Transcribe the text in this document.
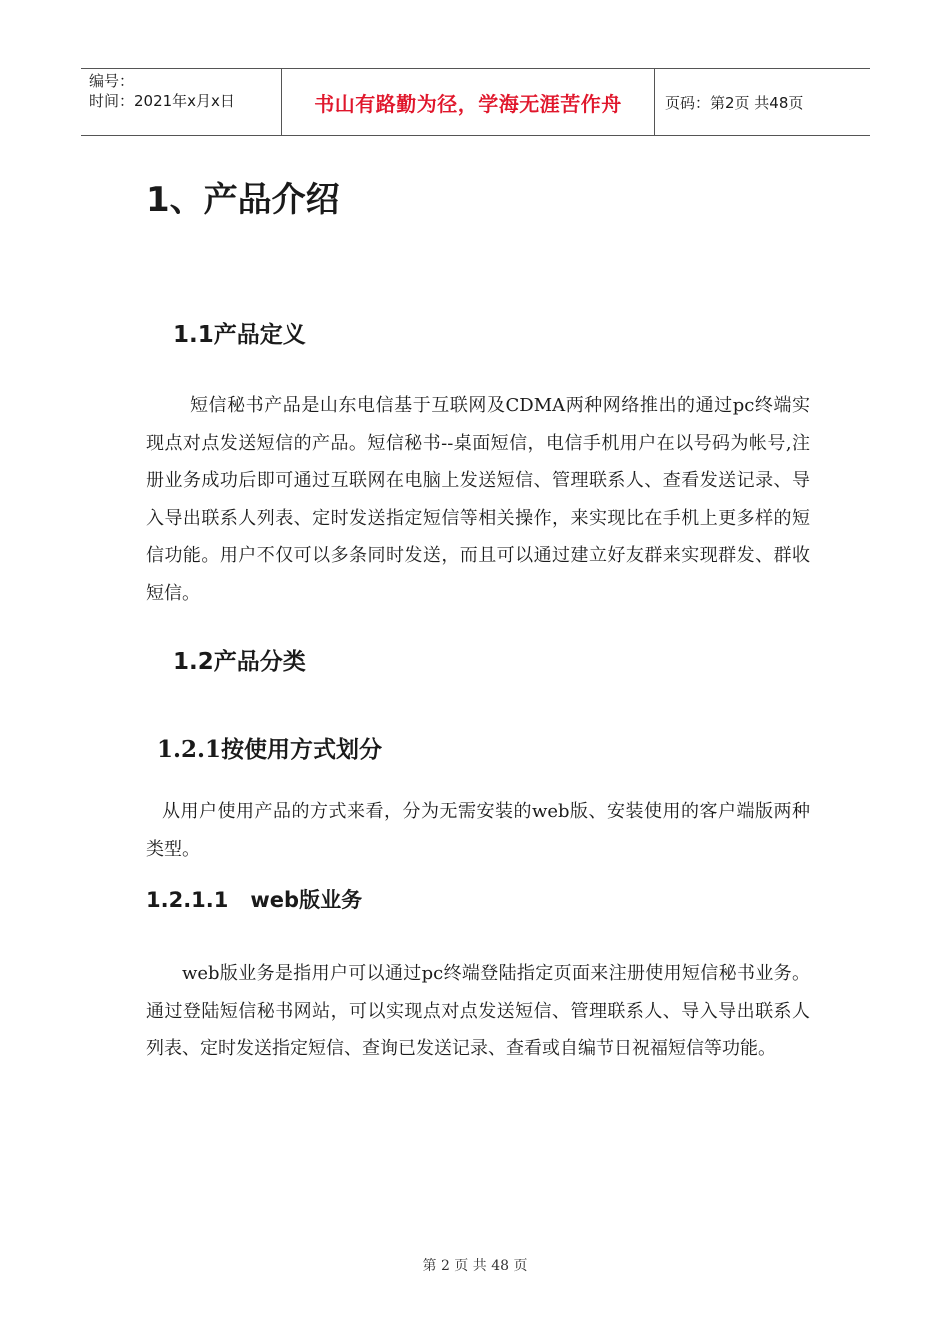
编号：
时间：2021年x月x日	书山有路勤为径，学海无涯苦作舟	页码：第2页 共48页
1、产品介绍
1.1产品定义
短信秘书产品是山东电信基于互联网及CDMA两种网络推出的通过pc终端实现点对点发送短信的产品。短信秘书--桌面短信，电信手机用户在以号码为帐号,注册业务成功后即可通过互联网在电脑上发送短信、管理联系人、查看发送记录、导入导出联系人列表、定时发送指定短信等相关操作，来实现比在手机上更多样的短信功能。用户不仅可以多条同时发送，而且可以通过建立好友群来实现群发、群收短信。
1.2产品分类
1.2.1按使用方式划分
从用户使用产品的方式来看，分为无需安装的web版、安装使用的客户端版两种类型。
1.2.1.1 web版业务
web版业务是指用户可以通过pc终端登陆指定页面来注册使用短信秘书业务。通过登陆短信秘书网站，可以实现点对点发送短信、管理联系人、导入导出联系人列表、定时发送指定短信、查询已发送记录、查看或自编节日祝福短信等功能。
第 2 页 共 48 页
